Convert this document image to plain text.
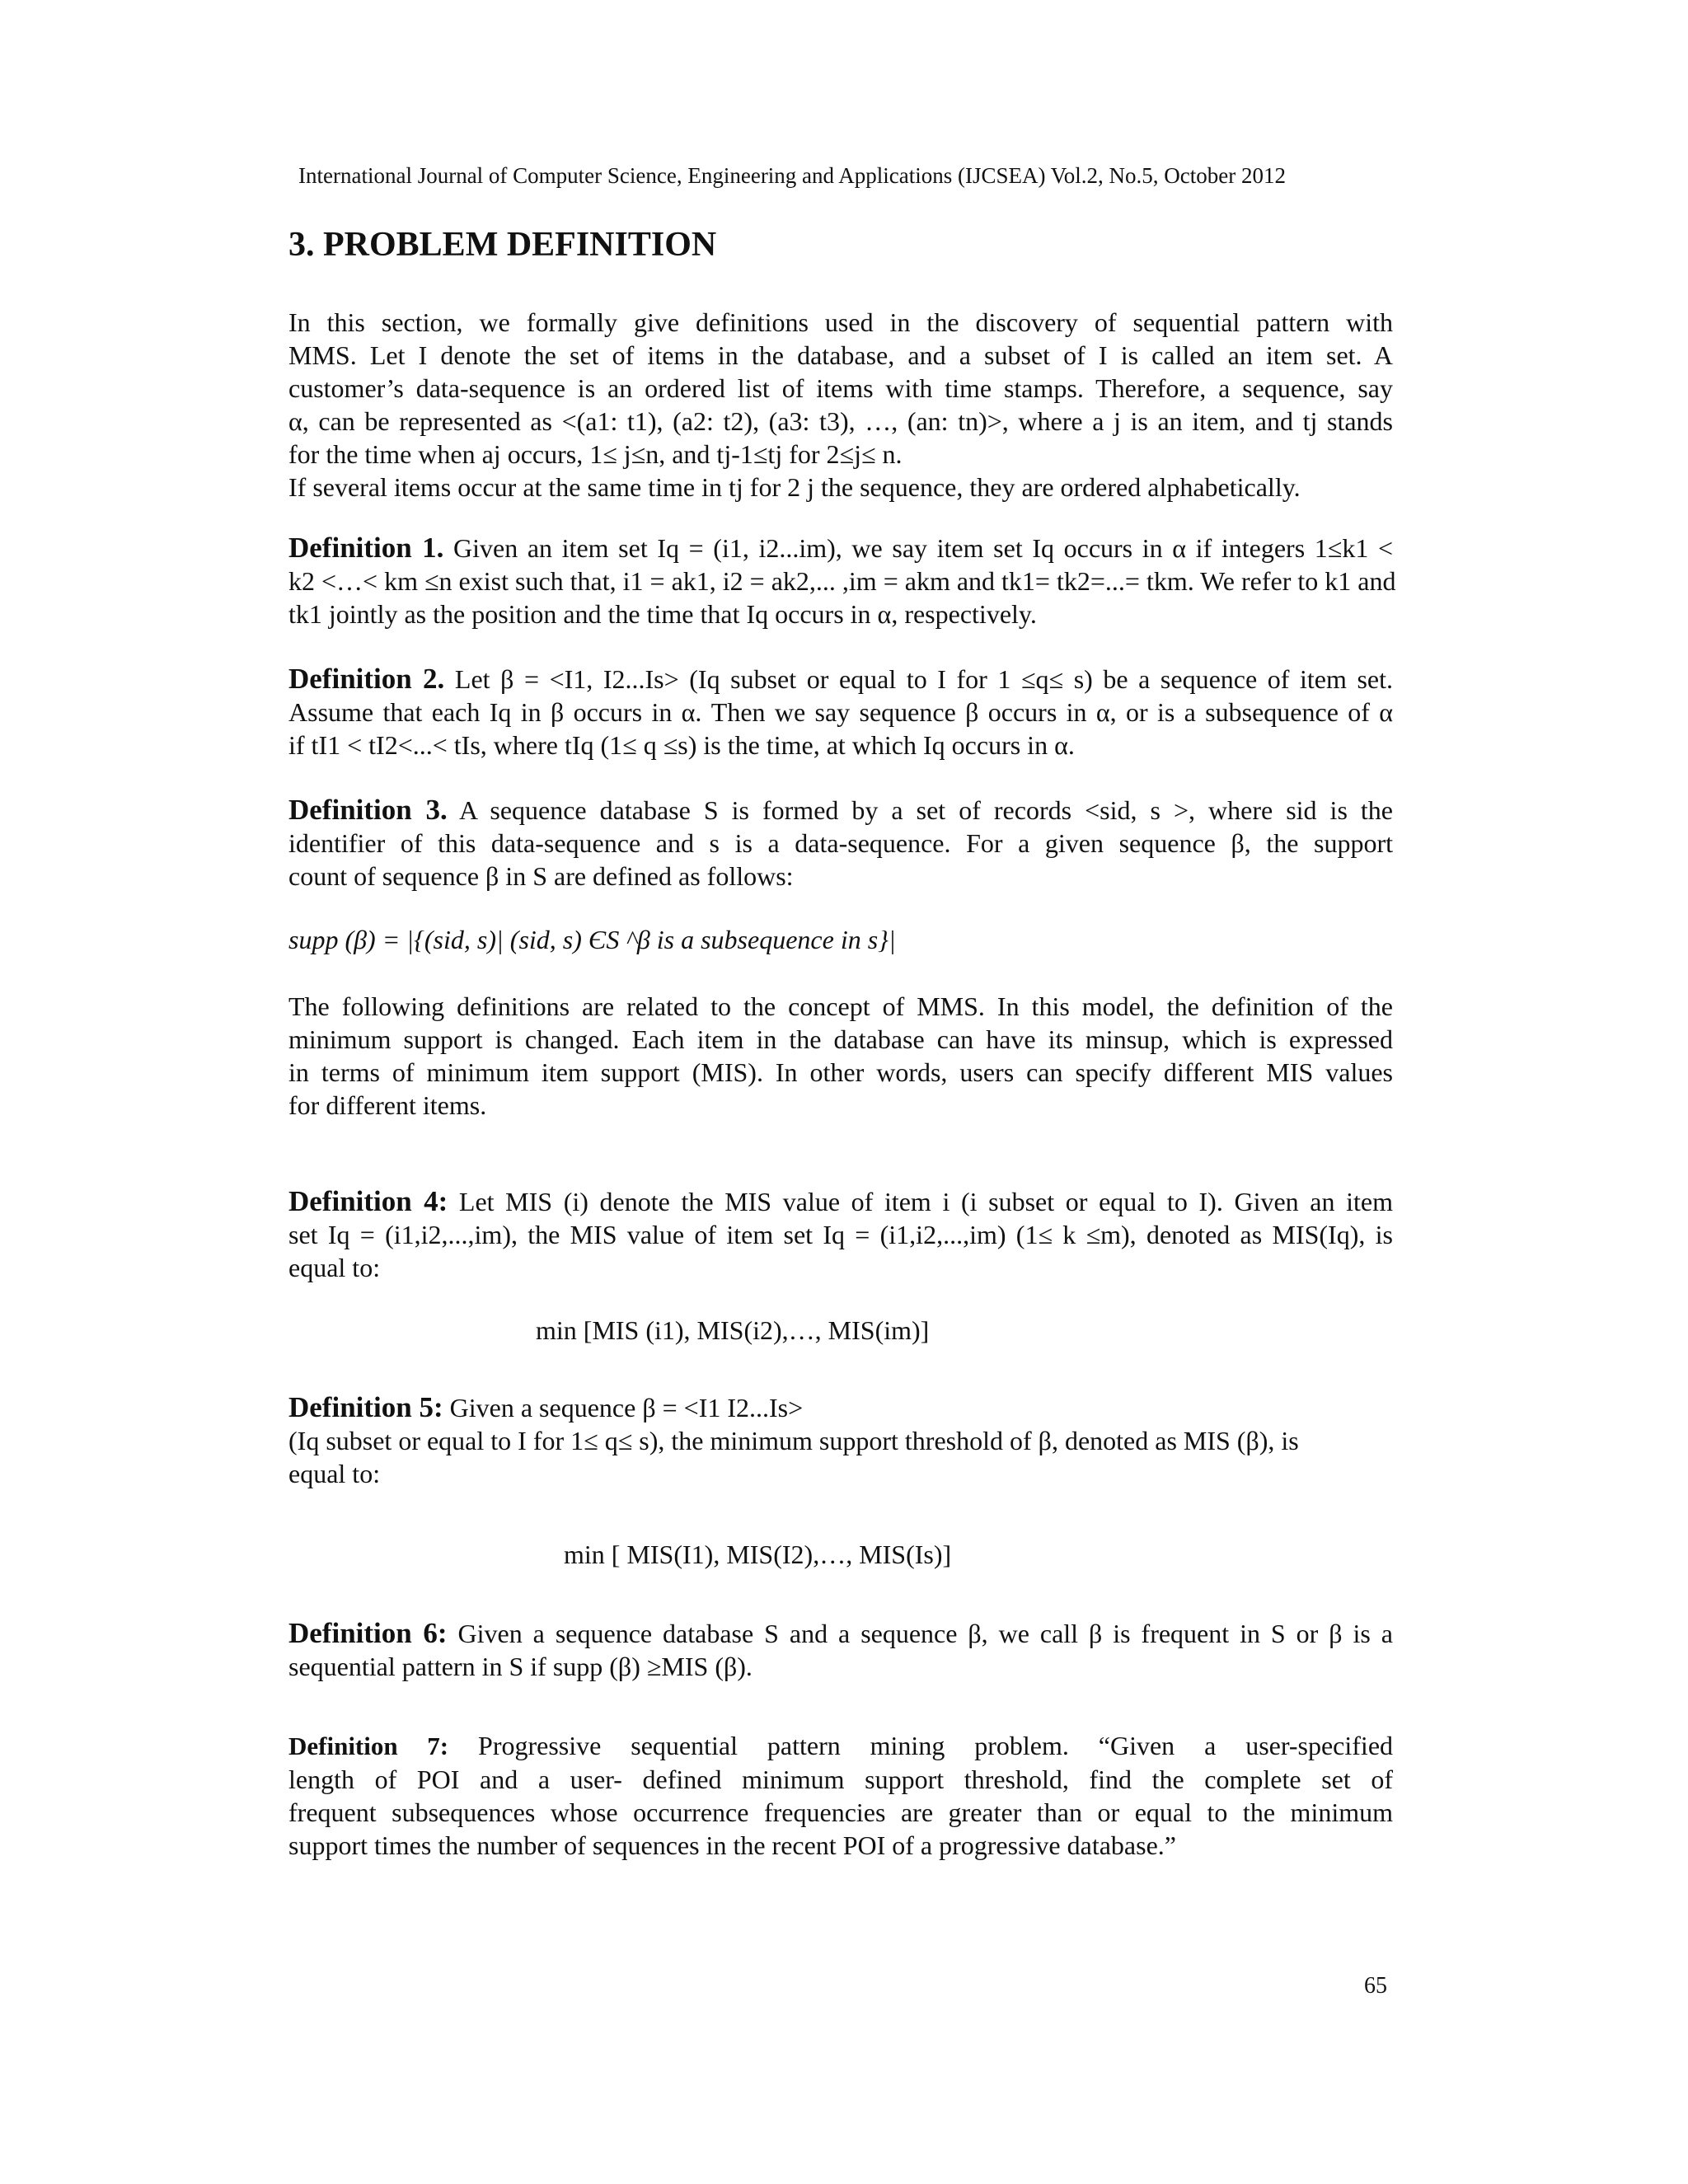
International Journal of Computer Science, Engineering and Applications (IJCSEA) Vol.2, No.5, October 2012
3. PROBLEM DEFINITION
In this section, we formally give definitions used in the discovery of sequential pattern with
MMS. Let I denote the set of items in the database, and a subset of I is called an item set. A
customer’s data-sequence is an ordered list of items with time stamps. Therefore, a sequence, say
α, can be represented as <(a1: t1), (a2: t2), (a3: t3), …, (an: tn)>, where a j is an item, and tj stands
for the time when aj occurs, 1≤ j≤n, and tj-1≤tj for 2≤j≤ n.
If several items occur at the same time in tj for 2 j the sequence, they are ordered alphabetically.
Definition 1. Given an item set Iq = (i1, i2...im), we say item set Iq occurs in α if integers 1≤k1 <
k2 <…< km ≤n exist such that, i1 = ak1, i2 = ak2,... ,im = akm and tk1= tk2=...= tkm. We refer to k1 and
tk1 jointly as the position and the time that Iq occurs in α, respectively.
Definition 2. Let β = <I1, I2...Is> (Iq subset or equal to I for 1 ≤q≤ s) be a sequence of item set.
Assume that each Iq in β occurs in α. Then we say sequence β occurs in α, or is a subsequence of α
if tI1 < tI2<...< tIs, where tIq (1≤ q ≤s) is the time, at which Iq occurs in α.
Definition 3. A sequence database S is formed by a set of records <sid, s >, where sid is the
identifier of this data-sequence and s is a data-sequence. For a given sequence β, the support
count of sequence β in S are defined as follows:
supp (β) = |{(sid, s)| (sid, s) ЄS ^β is a subsequence in s}|
The following definitions are related to the concept of MMS. In this model, the definition of the
minimum support is changed. Each item in the database can have its minsup, which is expressed
in terms of minimum item support (MIS). In other words, users can specify different MIS values
for different items.
Definition 4: Let MIS (i) denote the MIS value of item i (i subset or equal to I). Given an item
set Iq = (i1,i2,...,im), the MIS value of item set Iq = (i1,i2,...,im) (1≤ k ≤m), denoted as MIS(Iq), is
equal to:
min [MIS (i1), MIS(i2),…, MIS(im)]
Definition 5: Given a sequence β = <I1 I2...Is>
(Iq subset or equal to I for 1≤ q≤ s), the minimum support threshold of β, denoted as MIS (β), is
equal to:
min [ MIS(I1), MIS(I2),…, MIS(Is)]
Definition 6: Given a sequence database S and a sequence β, we call β is frequent in S or β is a
sequential pattern in S if supp (β) ≥MIS (β).
Definition 7: Progressive sequential pattern mining problem. “Given a user-specified
length of POI and a user- defined minimum support threshold, find the complete set of
frequent subsequences whose occurrence frequencies are greater than or equal to the minimum
support times the number of sequences in the recent POI of a progressive database.”
65
